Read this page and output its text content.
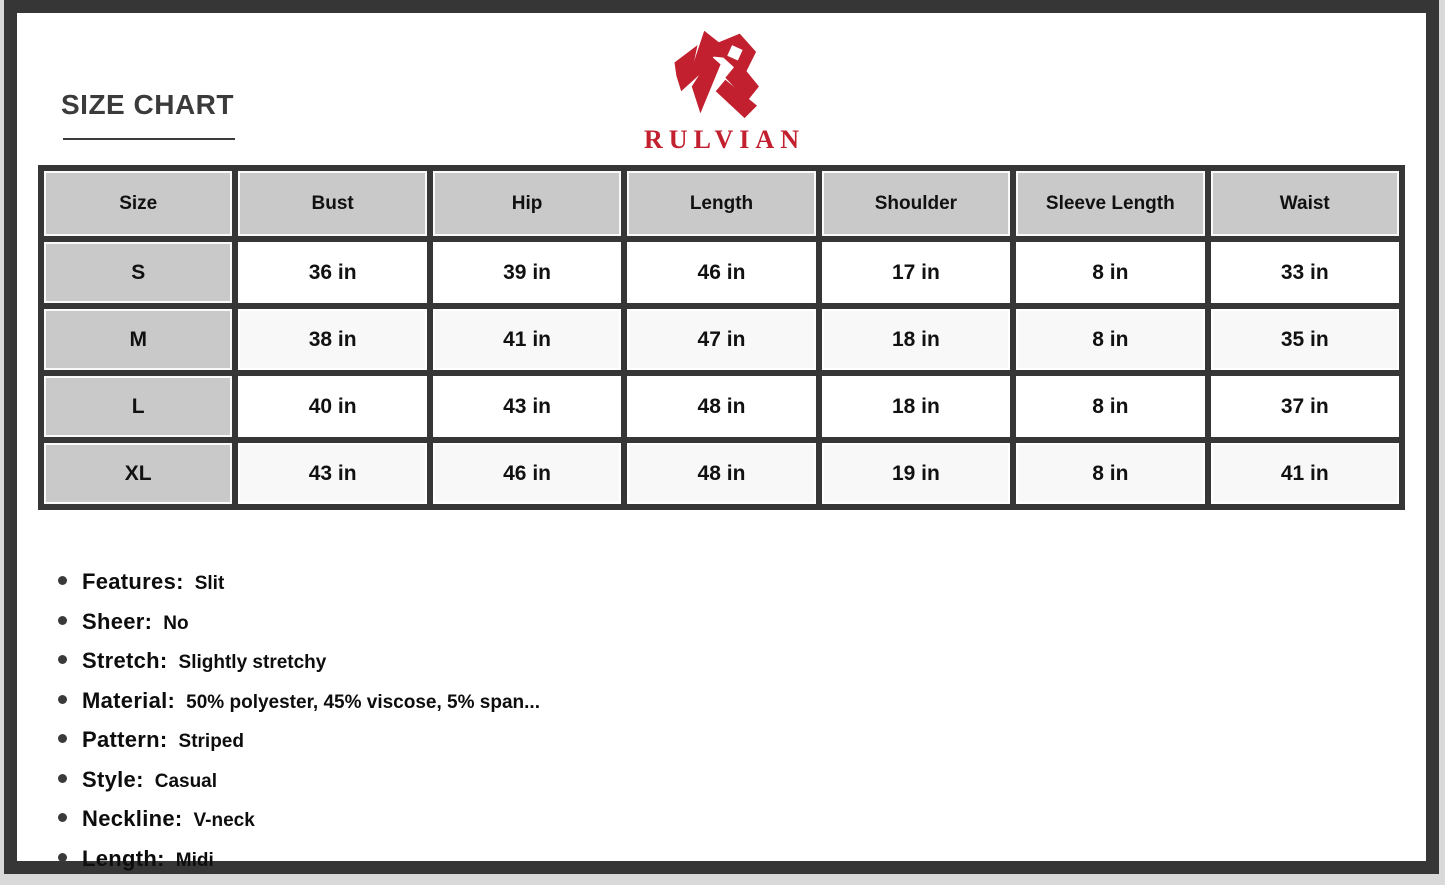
SIZE CHART
RULVIAN
Size	Bust	Hip	Length	Shoulder	Sleeve Length	Waist
S	36 in	39 in	46 in	17 in	8 in	33 in
M	38 in	41 in	47 in	18 in	8 in	35 in
L	40 in	43 in	48 in	18 in	8 in	37 in
XL	43 in	46 in	48 in	19 in	8 in	41 in
Features: Slit
Sheer: No
Stretch: Slightly stretchy
Material: 50% polyester, 45% viscose, 5% span...
Pattern: Striped
Style: Casual
Neckline: V-neck
Length: Midi
